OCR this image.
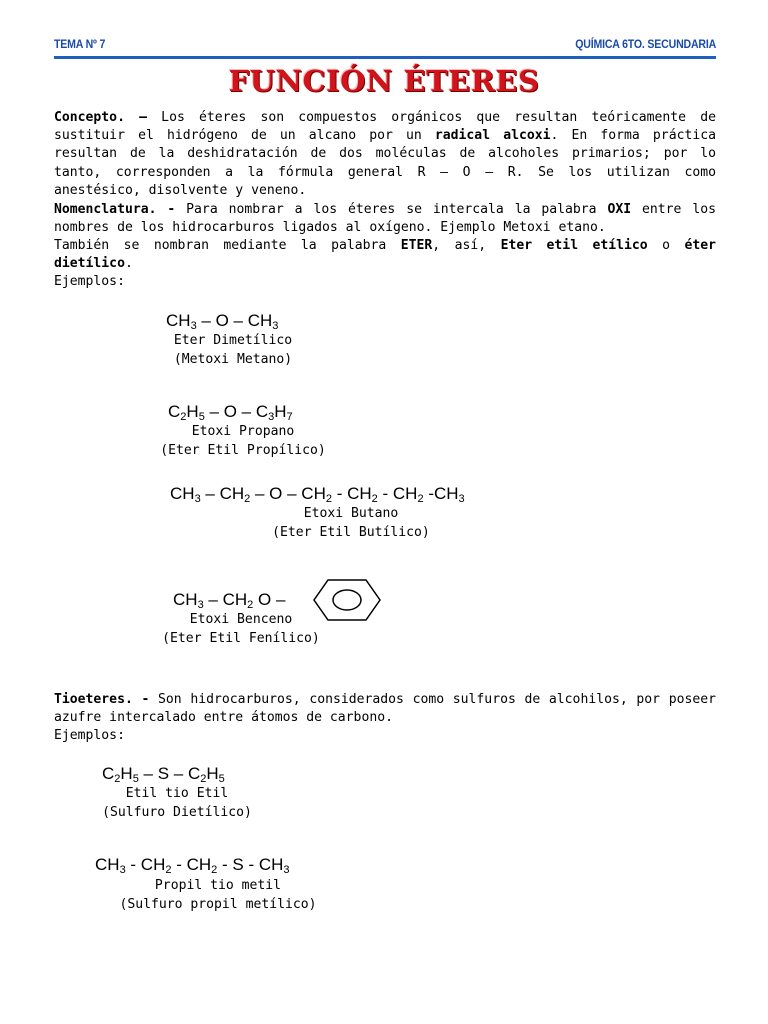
TEMA Nº 7	QUÍMICA 6TO. SECUNDARIA
FUNCIÓN ÉTERES
Concepto. – Los éteres son compuestos orgánicos que resultan teóricamente de sustituir el hidrógeno de un alcano por un radical alcoxi. En forma práctica resultan de la deshidratación de dos moléculas de alcoholes primarios; por lo tanto, corresponden a la fórmula general R – O – R. Se los utilizan como anestésico, disolvente y veneno.
Nomenclatura. - Para nombrar a los éteres se intercala la palabra OXI entre los nombres de los hidrocarburos ligados al oxígeno. Ejemplo Metoxi etano.
También se nombran mediante la palabra ETER, así, Eter etil etílico o éter dietílico.
Ejemplos:
$CH_3$ – O – $CH_3$
Eter Dimetílico
(Metoxi Metano)
$C_2H_5$ – O – $C_3H_7$
Etoxi Propano
(Eter Etil Propílico)
$CH_3 - CH_2$ – O – $CH_2 - CH_2 - CH_2$ $-CH_3$
Etoxi Butano
(Eter Etil Butílico)
$CH_3 - CH_2$ O –
Etoxi Benceno
(Eter Etil Fenílico)
Tioeteres. - Son hidrocarburos, considerados como sulfuros de alcohilos, por poseer azufre intercalado entre átomos de carbono.
Ejemplos:
$C_2H_5$ – S – $C_2H_5$
Etil tio Etil
(Sulfuro Dietílico)
$CH_3 - CH_2 - CH_2$ - S - $CH_3$
Propil tio metil
(Sulfuro propil metílico)
